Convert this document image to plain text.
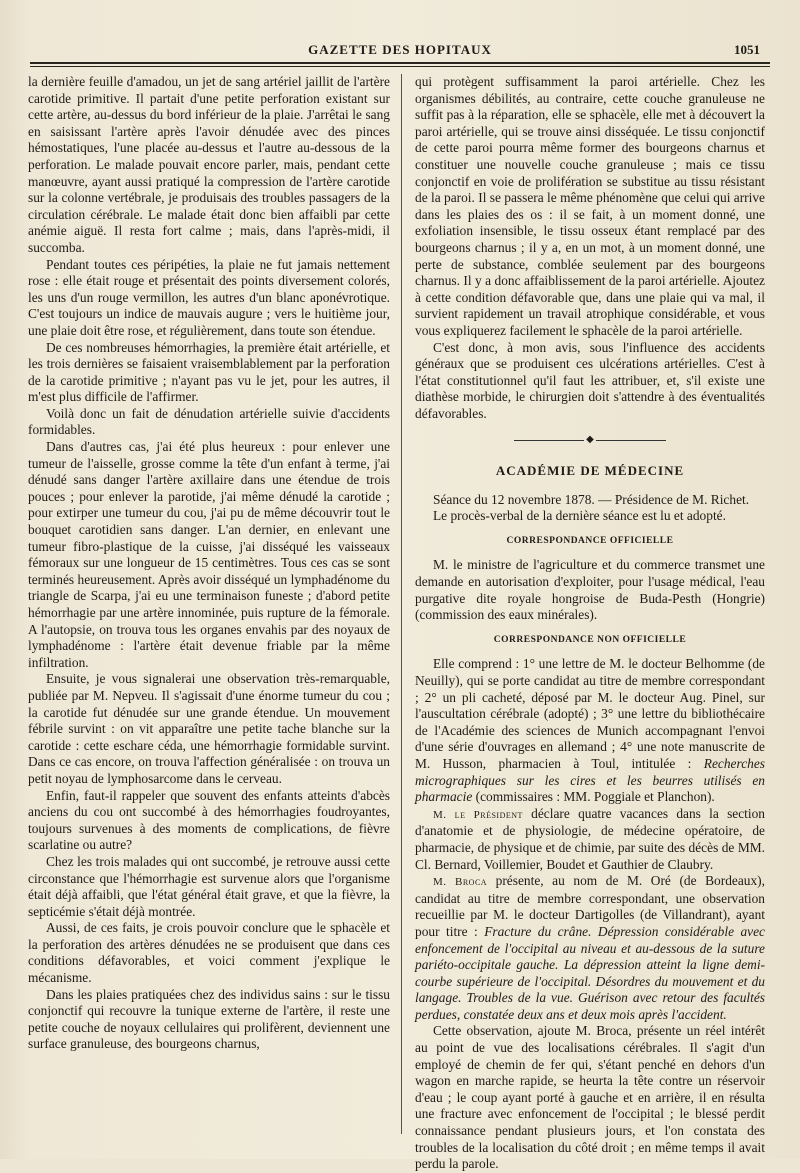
GAZETTE DES HOPITAUX	1051

la dernière feuille d'amadou, un jet de sang artériel jaillit de l'artère carotide primitive. Il partait d'une petite perforation existant sur cette artère, au-dessus du bord inférieur de la plaie. J'arrêtai le sang en saisissant l'artère après l'avoir dénudée avec des pinces hémostatiques, l'une placée au-dessus et l'autre au-dessous de la perforation. Le malade pouvait encore parler, mais, pendant cette manœuvre, ayant aussi pratiqué la compression de l'artère carotide sur la colonne vertébrale, je produisais des troubles passagers de la circulation cérébrale. Le malade était donc bien affaibli par cette anémie aiguë. Il resta fort calme ; mais, dans l'après-midi, il succomba.

Pendant toutes ces péripéties, la plaie ne fut jamais nettement rose : elle était rouge et présentait des points diversement colorés, les uns d'un rouge vermillon, les autres d'un blanc aponévrotique. C'est toujours un indice de mauvais augure ; vers le huitième jour, une plaie doit être rose, et régulièrement, dans toute son étendue.

De ces nombreuses hémorrhagies, la première était artérielle, et les trois dernières se faisaient vraisemblablement par la perforation de la carotide primitive ; n'ayant pas vu le jet, pour les autres, il m'est plus difficile de l'affirmer.

Voilà donc un fait de dénudation artérielle suivie d'accidents formidables.

Dans d'autres cas, j'ai été plus heureux : pour enlever une tumeur de l'aisselle, grosse comme la tête d'un enfant à terme, j'ai dénudé sans danger l'artère axillaire dans une étendue de trois pouces ; pour enlever la parotide, j'ai même dénudé la carotide ; pour extirper une tumeur du cou, j'ai pu de même découvrir tout le bouquet carotidien sans danger. L'an dernier, en enlevant une tumeur fibro-plastique de la cuisse, j'ai disséqué les vaisseaux fémoraux sur une longueur de 15 centimètres. Tous ces cas se sont terminés heureusement. Après avoir disséqué un lymphadénome du triangle de Scarpa, j'ai eu une terminaison funeste ; d'abord petite hémorrhagie par une artère innominée, puis rupture de la fémorale. A l'autopsie, on trouva tous les organes envahis par des noyaux de lymphadénome : l'artère était devenue friable par la même infiltration.

Ensuite, je vous signalerai une observation très-remarquable, publiée par M. Nepveu. Il s'agissait d'une énorme tumeur du cou ; la carotide fut dénudée sur une grande étendue. Un mouvement fébrile survint : on vit apparaître une petite tache blanche sur la carotide : cette eschare céda, une hémorrhagie formidable survint. Dans ce cas encore, on trouva l'affection généralisée : on trouva un petit noyau de lymphosarcome dans le cerveau.

Enfin, faut-il rappeler que souvent des enfants atteints d'abcès anciens du cou ont succombé à des hémorrhagies foudroyantes, toujours survenues à des moments de complications, de fièvre scarlatine ou autre?

Chez les trois malades qui ont succombé, je retrouve aussi cette circonstance que l'hémorrhagie est survenue alors que l'organisme était déjà affaibli, que l'état général était grave, et que la fièvre, la septicémie s'était déjà montrée.

Aussi, de ces faits, je crois pouvoir conclure que le sphacèle et la perforation des artères dénudées ne se produisent que dans ces conditions défavorables, et voici comment j'explique le mécanisme.

Dans les plaies pratiquées chez des individus sains : sur le tissu conjonctif qui recouvre la tunique externe de l'artère, il reste une petite couche de noyaux cellulaires qui prolifèrent, deviennent une surface granuleuse, des bourgeons charnus,

qui protègent suffisamment la paroi artérielle. Chez les organismes débilités, au contraire, cette couche granuleuse ne suffit pas à la réparation, elle se sphacèle, elle met à découvert la paroi artérielle, qui se trouve ainsi disséquée. Le tissu conjonctif de cette paroi pourra même former des bourgeons charnus et constituer une nouvelle couche granuleuse ; mais ce tissu conjonctif en voie de prolifération se substitue au tissu résistant de la paroi. Il se passera le même phénomène que celui qui arrive dans les plaies des os : il se fait, à un moment donné, une exfoliation insensible, le tissu osseux étant remplacé par des bourgeons charnus ; il y a, en un mot, à un moment donné, une perte de substance, comblée seulement par des bourgeons charnus. Il y a donc affaiblissement de la paroi artérielle. Ajoutez à cette condition défavorable que, dans une plaie qui va mal, il survient rapidement un travail atrophique considérable, et vous vous expliquerez facilement le sphacèle de la paroi artérielle.

C'est donc, à mon avis, sous l'influence des accidents généraux que se produisent ces ulcérations artérielles. C'est à l'état constitutionnel qu'il faut les attribuer, et, s'il existe une diathèse morbide, le chirurgien doit s'attendre à des éventualités défavorables.

◆
ACADÉMIE DE MÉDECINE

Séance du 12 novembre 1878. — Présidence de M. Richet.

Le procès-verbal de la dernière séance est lu et adopté.

CORRESPONDANCE OFFICIELLE

M. le ministre de l'agriculture et du commerce transmet une demande en autorisation d'exploiter, pour l'usage médical, l'eau purgative dite royale hongroise de Buda-Pesth (Hongrie) (commission des eaux minérales).

CORRESPONDANCE NON OFFICIELLE

Elle comprend : 1° une lettre de M. le docteur Belhomme (de Neuilly), qui se porte candidat au titre de membre correspondant ; 2° un pli cacheté, déposé par M. le docteur Aug. Pinel, sur l'auscultation cérébrale (adopté) ; 3° une lettre du bibliothécaire de l'Académie des sciences de Munich accompagnant l'envoi d'une série d'ouvrages en allemand ; 4° une note manuscrite de M. Husson, pharmacien à Toul, intitulée : Recherches micrographiques sur les cires et les beurres utilisés en pharmacie (commissaires : MM. Poggiale et Planchon).

M. le Président déclare quatre vacances dans la section d'anatomie et de physiologie, de médecine opératoire, de pharmacie, de physique et de chimie, par suite des décès de MM. Cl. Bernard, Voillemier, Boudet et Gauthier de Claubry.

M. Broca présente, au nom de M. Oré (de Bordeaux), candidat au titre de membre correspondant, une observation recueillie par M. le docteur Dartigolles (de Villandrant), ayant pour titre : Fracture du crâne. Dépression considérable avec enfoncement de l'occipital au niveau et au-dessous de la suture pariéto-occipitale gauche. La dépression atteint la ligne demi-courbe supérieure de l'occipital. Désordres du mouvement et du langage. Troubles de la vue. Guérison avec retour des facultés perdues, constatée deux ans et deux mois après l'accident.

Cette observation, ajoute M. Broca, présente un réel intérêt au point de vue des localisations cérébrales. Il s'agit d'un employé de chemin de fer qui, s'étant penché en dehors d'un wagon en marche rapide, se heurta la tête contre un réservoir d'eau ; le coup ayant porté à gauche et en arrière, il en résulta une fracture avec enfoncement de l'occipital ; le blessé perdit connaissance pendant plusieurs jours, et l'on constata des troubles de la localisation du côté droit ; en même temps il avait perdu la parole.
